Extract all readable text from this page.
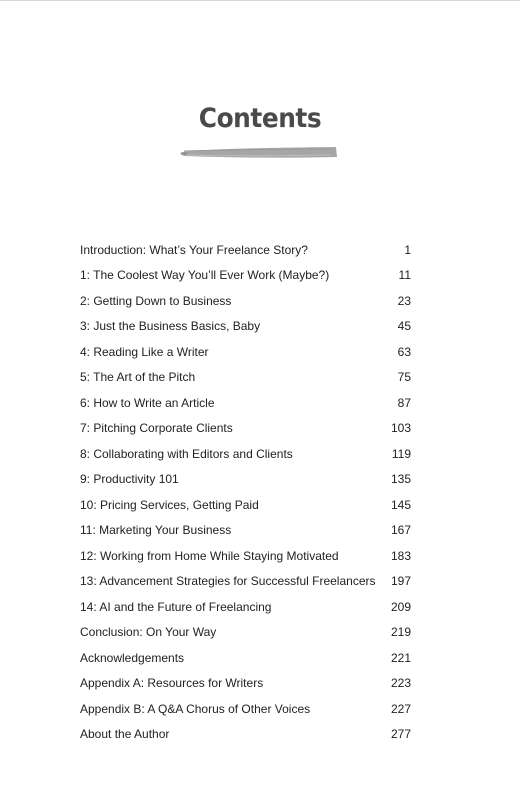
Contents
Introduction: What’s Your Freelance Story?	1
1: The Coolest Way You’ll Ever Work (Maybe?)	11
2: Getting Down to Business	23
3: Just the Business Basics, Baby	45
4: Reading Like a Writer	63
5: The Art of the Pitch	75
6: How to Write an Article	87
7: Pitching Corporate Clients	103
8: Collaborating with Editors and Clients	119
9: Productivity 101	135
10: Pricing Services, Getting Paid	145
11: Marketing Your Business	167
12: Working from Home While Staying Motivated	183
13: Advancement Strategies for Successful Freelancers 197
14: AI and the Future of Freelancing	209
Conclusion: On Your Way	219
Acknowledgements	221
Appendix A: Resources for Writers	223
Appendix B: A Q&A Chorus of Other Voices	227
About the Author	277
